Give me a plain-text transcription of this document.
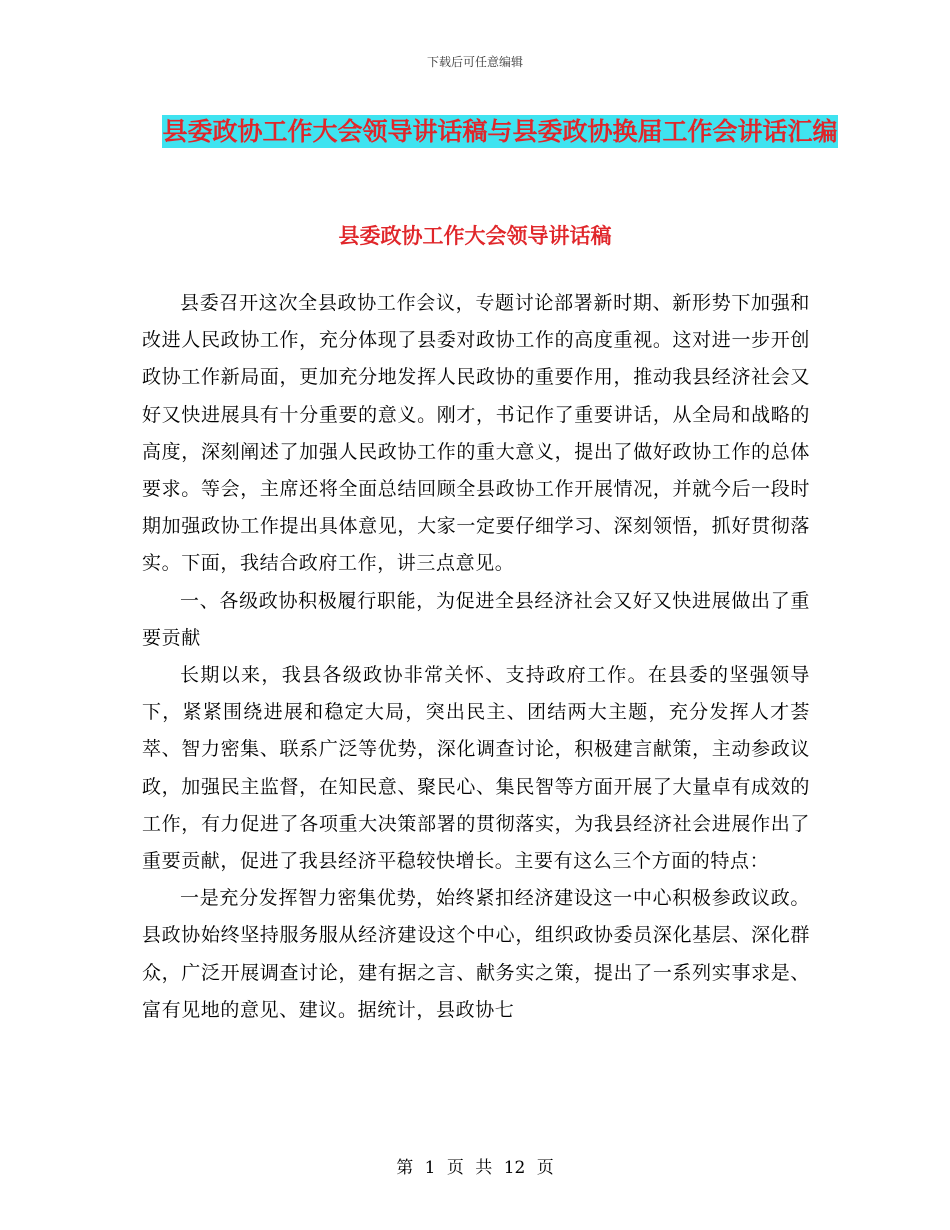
下载后可任意编辑
县委政协工作大会领导讲话稿与县委政协换届工作会讲话汇编
县委政协工作大会领导讲话稿

县委召开这次全县政协工作会议，专题讨论部署新时期、新形势下加强和改进人民政协工作，充分体现了县委对政协工作的高度重视。这对进一步开创政协工作新局面，更加充分地发挥人民政协的重要作用，推动我县经济社会又好又快进展具有十分重要的意义。刚才，书记作了重要讲话，从全局和战略的高度，深刻阐述了加强人民政协工作的重大意义，提出了做好政协工作的总体要求。等会，主席还将全面总结回顾全县政协工作开展情况，并就今后一段时期加强政协工作提出具体意见，大家一定要仔细学习、深刻领悟，抓好贯彻落实。下面，我结合政府工作，讲三点意见。

一、各级政协积极履行职能，为促进全县经济社会又好又快进展做出了重要贡献

长期以来，我县各级政协非常关怀、支持政府工作。在县委的坚强领导下，紧紧围绕进展和稳定大局，突出民主、团结两大主题，充分发挥人才荟萃、智力密集、联系广泛等优势，深化调查讨论，积极建言献策，主动参政议政，加强民主监督，在知民意、聚民心、集民智等方面开展了大量卓有成效的工作，有力促进了各项重大决策部署的贯彻落实，为我县经济社会进展作出了重要贡献，促进了我县经济平稳较快增长。主要有这么三个方面的特点：

一是充分发挥智力密集优势，始终紧扣经济建设这一中心积极参政议政。县政协始终坚持服务服从经济建设这个中心，组织政协委员深化基层、深化群众，广泛开展调查讨论，建有据之言、献务实之策，提出了一系列实事求是、富有见地的意见、建议。据统计，县政协七

第 1 页 共 12 页
